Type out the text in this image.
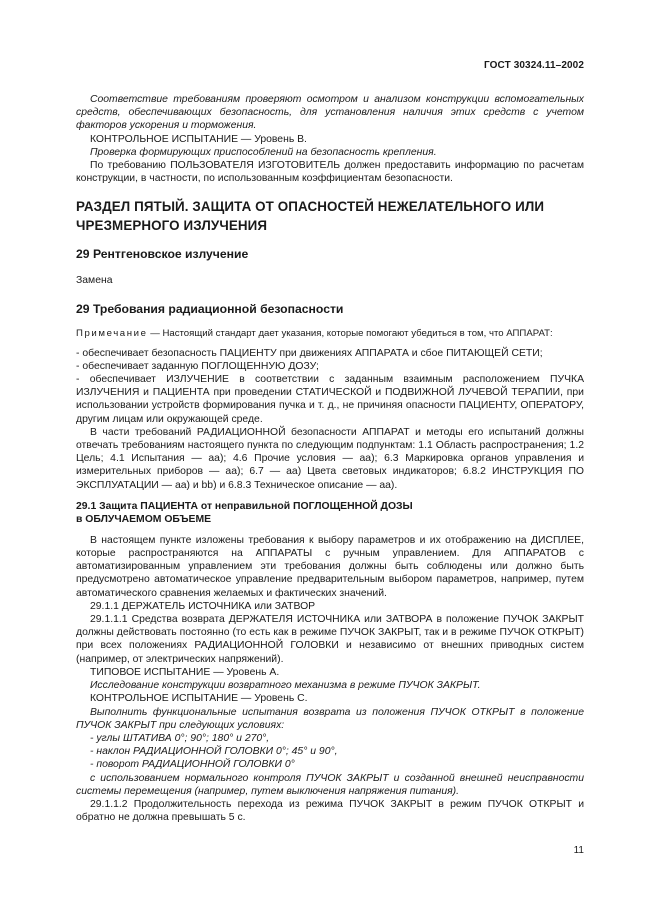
ГОСТ 30324.11–2002

Соответствие требованиям проверяют осмотром и анализом конструкции вспомогательных средств, обеспечивающих безопасность, для установления наличия этих средств с учетом факторов ускорения и торможения.

КОНТРОЛЬНОЕ ИСПЫТАНИЕ — Уровень В.

Проверка формирующих приспособлений на безопасность крепления.

По требованию ПОЛЬЗОВАТЕЛЯ ИЗГОТОВИТЕЛЬ должен предоставить информацию по расчетам конструкции, в частности, по использованным коэффициентам безопасности.

РАЗДЕЛ ПЯТЫЙ. ЗАЩИТА ОТ ОПАСНОСТЕЙ НЕЖЕЛАТЕЛЬНОГО ИЛИ ЧРЕЗМЕРНОГО ИЗЛУЧЕНИЯ

29 Рентгеновское излучение

Замена

29 Требования радиационной безопасности

Примечание — Настоящий стандарт дает указания, которые помогают убедиться в том, что АППАРАТ:

- обеспечивает безопасность ПАЦИЕНТУ при движениях АППАРАТА и сбое ПИТАЮЩЕЙ СЕТИ;

- обеспечивает заданную ПОГЛОЩЕННУЮ ДОЗУ;

- обеспечивает ИЗЛУЧЕНИЕ в соответствии с заданным взаимным расположением ПУЧКА ИЗЛУЧЕНИЯ и ПАЦИЕНТА при проведении СТАТИЧЕСКОЙ и ПОДВИЖНОЙ ЛУЧЕВОЙ ТЕРАПИИ, при использовании устройств формирования пучка и т. д., не причиняя опасности ПАЦИЕНТУ, ОПЕРАТОРУ, другим лицам или окружающей среде.

В части требований РАДИАЦИОННОЙ безопасности АППАРАТ и методы его испытаний должны отвечать требованиям настоящего пункта по следующим подпунктам: 1.1 Область распространения; 1.2 Цель; 4.1 Испытания — аа); 4.6 Прочие условия — аа); 6.3 Маркировка органов управления и измерительных приборов — аа); 6.7 — аа) Цвета световых индикаторов; 6.8.2 ИНСТРУКЦИЯ ПО ЭКСПЛУАТАЦИИ — аа) и bb) и 6.8.3 Техническое описание — аа).

29.1 Защита ПАЦИЕНТА от неправильной ПОГЛОЩЕННОЙ ДОЗЫ
в ОБЛУЧАЕМОМ ОБЪЕМЕ

В настоящем пункте изложены требования к выбору параметров и их отображению на ДИСПЛЕЕ, которые распространяются на АППАРАТЫ с ручным управлением. Для АППАРАТОВ с автоматизированным управлением эти требования должны быть соблюдены или должно быть предусмотрено автоматическое управление предварительным выбором параметров, например, путем автоматического сравнения желаемых и фактических значений.

29.1.1 ДЕРЖАТЕЛЬ ИСТОЧНИКА или ЗАТВОР

29.1.1.1 Средства возврата ДЕРЖАТЕЛЯ ИСТОЧНИКА или ЗАТВОРА в положение ПУЧОК ЗАКРЫТ должны действовать постоянно (то есть как в режиме ПУЧОК ЗАКРЫТ, так и в режиме ПУЧОК ОТКРЫТ) при всех положениях РАДИАЦИОННОЙ ГОЛОВКИ и независимо от внешних приводных систем (например, от электрических напряжений).

ТИПОВОЕ ИСПЫТАНИЕ — Уровень А.

Исследование конструкции возвратного механизма в режиме ПУЧОК ЗАКРЫТ.

КОНТРОЛЬНОЕ ИСПЫТАНИЕ — Уровень С.

Выполнить функциональные испытания возврата из положения ПУЧОК ОТКРЫТ в положение ПУЧОК ЗАКРЫТ при следующих условиях:

- углы ШТАТИВА 0°; 90°; 180° и 270°,

- наклон РАДИАЦИОННОЙ ГОЛОВКИ 0°; 45° и 90°,

- поворот РАДИАЦИОННОЙ ГОЛОВКИ 0°

с использованием нормального контроля ПУЧОК ЗАКРЫТ и созданной внешней неисправности системы перемещения (например, путем выключения напряжения питания).

29.1.1.2 Продолжительность перехода из режима ПУЧОК ЗАКРЫТ в режим ПУЧОК ОТКРЫТ и обратно не должна превышать 5 с.

11
